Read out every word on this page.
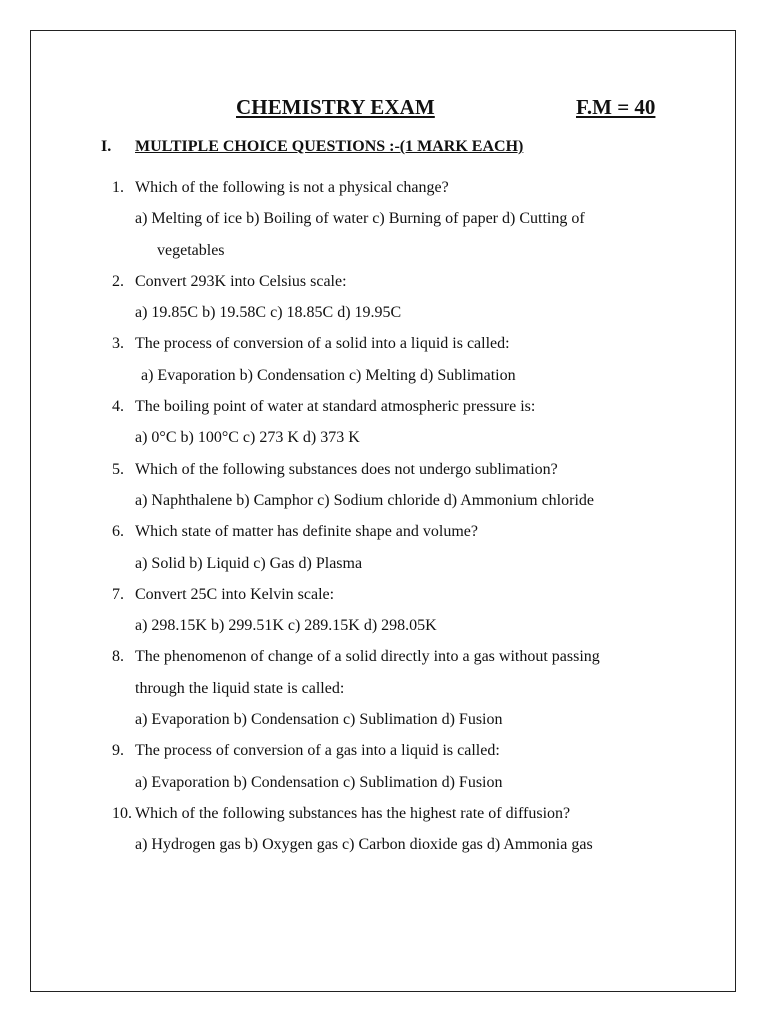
CHEMISTRY EXAM	F.M = 40
I. MULTIPLE CHOICE QUESTIONS :-(1 MARK EACH)
1. Which of the following is not a physical change?
a) Melting of ice b) Boiling of water c) Burning of paper d) Cutting of
vegetables
2. Convert 293K into Celsius scale:
a) 19.85C b) 19.58C c) 18.85C d) 19.95C
3. The process of conversion of a solid into a liquid is called:
a) Evaporation b) Condensation c) Melting d) Sublimation
4. The boiling point of water at standard atmospheric pressure is:
a) 0°C b) 100°C c) 273 K d) 373 K
5. Which of the following substances does not undergo sublimation?
a) Naphthalene b) Camphor c) Sodium chloride d) Ammonium chloride
6. Which state of matter has definite shape and volume?
a) Solid b) Liquid c) Gas d) Plasma
7. Convert 25C into Kelvin scale:
a) 298.15K b) 299.51K c) 289.15K d) 298.05K
8. The phenomenon of change of a solid directly into a gas without passing
through the liquid state is called:
a) Evaporation b) Condensation c) Sublimation d) Fusion
9. The process of conversion of a gas into a liquid is called:
a) Evaporation b) Condensation c) Sublimation d) Fusion
10. Which of the following substances has the highest rate of diffusion?
a) Hydrogen gas b) Oxygen gas c) Carbon dioxide gas d) Ammonia gas
